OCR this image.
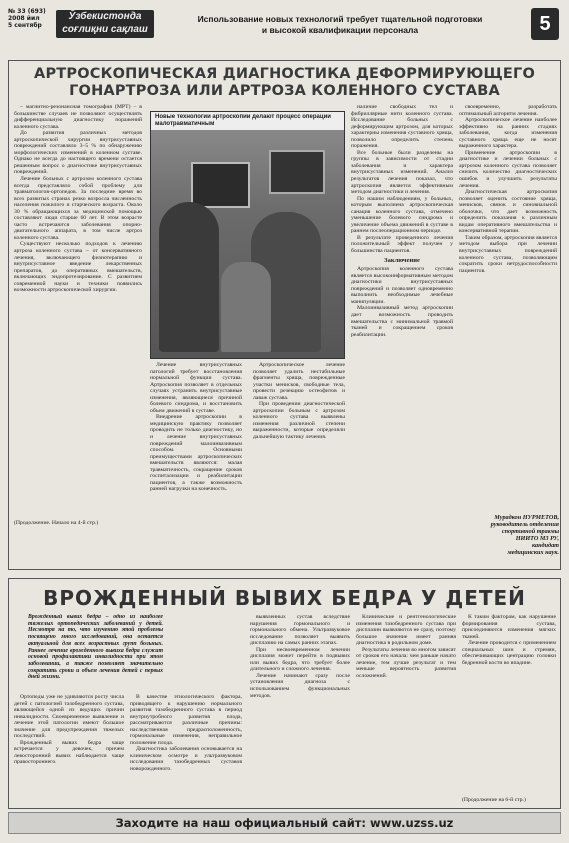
№ 33 (693)
2008 йил
5 сентябр
Ўзбекистонда соғлиқни сақлаш
Использование новых технологий требует тщательной подготовки
и высокой квалификации персонала	5
АРТРОСКОПИЧЕСКАЯ ДИАГНОСТИКА ДЕФОРМИРУЮЩЕГО
ГОНАРТРОЗА ИЛИ АРТРОЗА КОЛЕННОГО СУСТАВА

– магнитно-резонансная томография (МРТ) – в большинстве случаев не позволяют осуществлять дифференциальную диагностику поражений коленного сустава.

До развития различных методов артроскопической хирургии внутрисуставных повреждений составляло 3–5 % по обнаружению морфологических изменений в коленном суставе. Однако не всегда до настоящего времени остается решенным вопрос о диагностике внутрисуставных повреждений.

Лечение больных с артрозом коленного сустава всегда представляло собой проблему для травматологов-ортопедов. За последние время во всех развитых странах резко возросла численность населения пожилого и старческого возраста. Около 30 % обращающихся за медицинской помощью составляют люди старше 60 лет. В этом возрасте часто встречаются заболевания опорно-двигательного аппарата, в том числе артроз коленного сустава.

Существуют несколько подходов к лечению артроза коленного сустава – от консервативного лечения, включающего физиотерапию и внутрисуставное введение лекарственных препаратов, до оперативных вмешательств, включающих эндопротезирование. С развитием современной науки и техники появились возможности артроскопической хирургии.

(Продолжение. Начало на 4-й стр.)
Новые технологии артроскопии делают процесс операции малотравматичным

Лечение внутрисуставных патологий требует восстановления нормальной функции сустава. Артроскопия позволяет в отдельных случаях устранить внутрисуставные изменения, являющиеся причиной болевого синдрома, и восстановить объем движений в суставе.

Внедрение артроскопии в медицинскую практику позволяет проводить не только диагностику, но и лечение внутрисуставных повреждений малоинвазивным способом. Основными преимуществами артроскопических вмешательств являются: малая травматичность, сокращение сроков госпитализации и реабилитации пациентов, а также возможность ранней нагрузки на конечность.

Артроскопическое лечение позволяет удалить нестабильные фрагменты хряща, поврежденные участки менисков, свободные тела, провести резекцию остеофитов и лаваж сустава.

При проведении диагностической артроскопии больным с артрозом коленного сустава выявлены изменения различной степени выраженности, которые определяли дальнейшую тактику лечения.

наличие свободных тел и фибриллярные нити коленного сустава. Исследование больных с деформирующим артрозом, для которых характерны изменения суставного хряща, позволило определить степень поражения.

Все больные были разделены на группы в зависимости от стадии заболевания и характера внутрисуставных изменений. Анализ результатов лечения показал, что артроскопия является эффективным методом диагностики и лечения.

По нашим наблюдениям, у больных, которым выполнена артроскопическая санация коленного сустава, отмечено уменьшение болевого синдрома и увеличение объема движений в суставе в раннем послеоперационном периоде.

В результате проведенного лечения положительный эффект получен у большинства пациентов.

Заключение

Артроскопия коленного сустава является высокоинформативным методом диагностики внутрисуставных повреждений и позволяет одновременно выполнить необходимые лечебные манипуляции.

Малоинвазивный метод артроскопии дает возможность проводить вмешательства с минимальной травмой тканей и сокращением сроков реабилитации.

своевременно, разработать оптимальный алгоритм лечения.

Артроскопическое лечение наиболее эффективно на ранних стадиях заболевания, когда изменения суставного хряща еще не носят выраженного характера.

Применение артроскопии в диагностике и лечении больных с артрозом коленного сустава позволяет снизить количество диагностических ошибок и улучшить результаты лечения.

Диагностическая артроскопия позволяет оценить состояние хряща, менисков, связок и синовиальной оболочки, что дает возможность определить показания к различным видам оперативного вмешательства и консервативной терапии.

Таким образом, артроскопия является методом выбора при лечении внутрисуставных повреждений коленного сустава, позволяющим сократить сроки нетрудоспособности пациентов.

Мурадкон НУРМЕТОВ,
руководитель отделения
спортивной травмы
НИИТО МЗ РУ,
кандидат
медицинских наук.
ВРОЖДЕННЫЙ ВЫВИХ БЕДРА У ДЕТЕЙ
Врожденный вывих бедра – одно из наиболее тяжелых ортопедических заболеваний у детей. Несмотря на то, что изучению этой проблемы посвящено много исследований, она остается актуальной для всех возрастных групп больных. Раннее лечение врожденного вывиха бедра служит основой профилактики инвалидности при этом заболевании, а также позволяет значительно сократить сроки и объем лечения детей с первых дней жизни.

Ортопеды уже не удивляются росту числа детей с патологией тазобедренного сустава, являющейся одной из ведущих причин инвалидности. Своевременное выявление и лечение этой патологии имеют большое значение для предупреждения тяжелых последствий.

Врожденный вывих бедра чаще встречается у девочек, причем левосторонний вывих наблюдается чаще правостороннего.

В качестве этиологического фактора, приводящего к нарушению нормального развития тазобедренного сустава в период внутриутробного развития плода, рассматриваются различные причины: наследственная предрасположенность, гормональные изменения, неправильное положение плода.

Диагностика заболевания основывается на клиническом осмотре и ультразвуковом исследовании тазобедренных суставов новорожденного.

выявленных сустав вследствие нарушения гормонального и гормонального обмена. Ультразвуковое исследование позволяет выявить дисплазию на самых ранних этапах.

При несвоевременном лечении дисплазия может перейти в подвывих или вывих бедра, что требует более длительного и сложного лечения.

Лечение начинают сразу после установления диагноза с использованием функциональных методов.

Клинические и рентгенологические изменения тазобедренного сустава при дисплазии выявляются не сразу, поэтому большое значение имеет ранняя диагностика в родильном доме.

Результаты лечения во многом зависят от сроков его начала: чем раньше начато лечение, тем лучше результат и тем меньше вероятность развития осложнений.

К таким факторам, как нарушение формирования сустава, присоединяются изменения мягких тканей.

Лечение проводится с применением специальных шин и стремян, обеспечивающих центрацию головки бедренной кости во впадине.

(Продолжение на 6-й стр.)
Заходите на наш официальный сайт: www.uzss.uz
